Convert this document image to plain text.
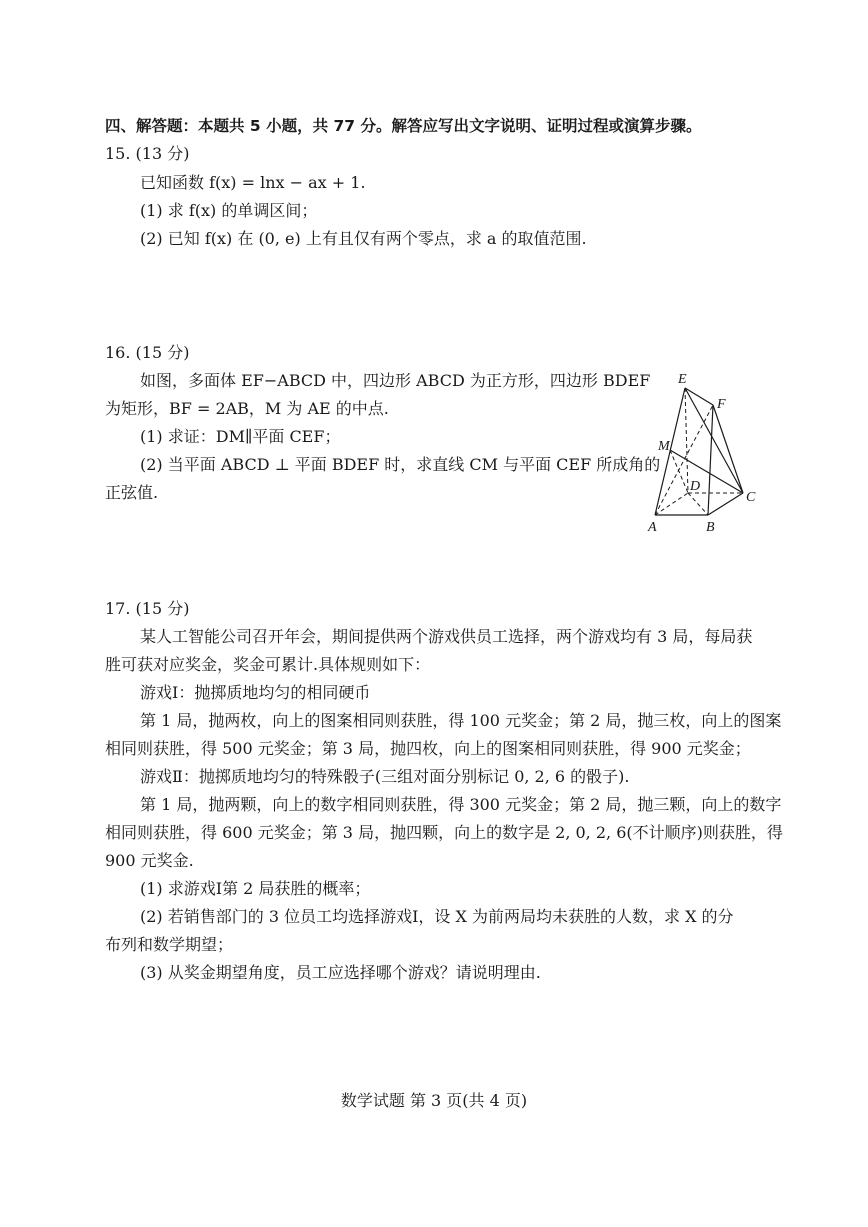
四、解答题：本题共 5 小题，共 77 分。解答应写出文字说明、证明过程或演算步骤。
15. (13 分)
已知函数 f(x) = lnx − ax + 1.
(1) 求 f(x) 的单调区间；
(2) 已知 f(x) 在 (0, e) 上有且仅有两个零点，求 a 的取值范围.
16. (15 分)
如图，多面体 EF−ABCD 中，四边形 ABCD 为正方形，四边形 BDEF
为矩形，BF = 2AB，M 为 AE 的中点.
(1) 求证：DM∥平面 CEF；
(2) 当平面 ABCD ⊥ 平面 BDEF 时，求直线 CM 与平面 CEF 所成角的
正弦值.
E
F
M
D
C
A	B
17. (15 分)
某人工智能公司召开年会，期间提供两个游戏供员工选择，两个游戏均有 3 局，每局获
胜可获对应奖金，奖金可累计.具体规则如下：
游戏Ⅰ：抛掷质地均匀的相同硬币
第 1 局，抛两枚，向上的图案相同则获胜，得 100 元奖金；第 2 局，抛三枚，向上的图案
相同则获胜，得 500 元奖金；第 3 局，抛四枚，向上的图案相同则获胜，得 900 元奖金；
游戏Ⅱ：抛掷质地均匀的特殊骰子(三组对面分别标记 0, 2, 6 的骰子).
第 1 局，抛两颗，向上的数字相同则获胜，得 300 元奖金；第 2 局，抛三颗，向上的数字
相同则获胜，得 600 元奖金；第 3 局，抛四颗，向上的数字是 2, 0, 2, 6(不计顺序)则获胜，得
900 元奖金.
(1) 求游戏Ⅰ第 2 局获胜的概率；
(2) 若销售部门的 3 位员工均选择游戏Ⅰ，设 X 为前两局均未获胜的人数，求 X 的分
布列和数学期望；
(3) 从奖金期望角度，员工应选择哪个游戏？请说明理由.
数学试题 第 3 页(共 4 页)
